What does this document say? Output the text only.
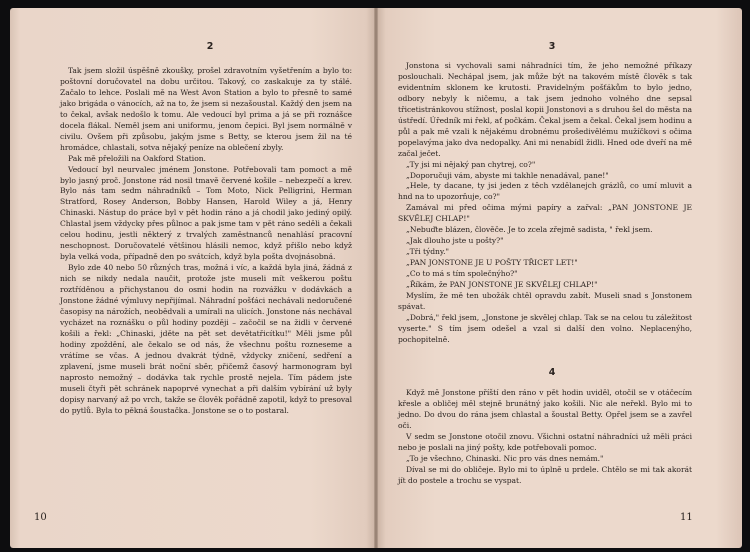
2

Tak jsem složil úspěšně zkoušky, prošel zdravotním vyšetřením a bylo to: poštovní doručovatel na dobu určitou. Takový, co zaskakuje za ty stálé. Začalo to lehce. Poslali mě na West Avon Station a bylo to přesně to samé jako brigáda o vánocích, až na to, že jsem si nezašoustal. Každý den jsem na to čekal, avšak nedošlo k tomu. Ale vedoucí byl prima a já se při roznášce docela flákal. Neměl jsem ani uniformu, jenom čepici. Byl jsem normálně v civilu. Ovšem při způsobu, jakým jsme s Betty, se kterou jsem žil na té hromádce, chlastali, sotva nějaký peníze na oblečení zbyly.

Pak mě přeložili na Oakford Station.

Vedoucí byl neurvalec jménem Jonstone. Potřebovali tam pomoct a mě bylo jasný proč. Jonstone rád nosil tmavě červené košile – nebezpečí a krev. Bylo nás tam sedm náhradníků – Tom Moto, Nick Pelligrini, Herman Stratford, Rosey Anderson, Bobby Hansen, Harold Wiley a já, Henry Chinaski. Nástup do práce byl v pět hodin ráno a já chodil jako jediný opilý. Chlastal jsem vždycky přes půlnoc a pak jsme tam v pět ráno seděli a čekali celou hodinu, jestli některý z trvalých zaměstnanců nenahlásí pracovní neschopnost. Doručovatelé většinou hlásili nemoc, když přišlo nebo když byla velká voda, případně den po svátcích, když byla pošta dvojnásobná.

Bylo zde 40 nebo 50 různých tras, možná i víc, a každá byla jiná, žádná z nich se nikdy nedala naučit, protože jste museli mít veškerou poštu roztříděnou a přichystanou do osmi hodin na rozvážku v dodávkách a Jonstone žádné výmluvy nepřijímal. Náhradní pošťáci nechávali nedoručené časopisy na nárožích, neobědvali a umírali na ulicích. Jonstone nás nechával vycházet na roznášku o půl hodiny později – začočil se na židli v červené košili a řekl: „Chinaski, jděte na pět set devětatřicítku!" Měli jsme půl hodiny zpoždění, ale čekalo se od nás, že všechnu poštu rozneseme a vrátíme se včas. A jednou dvakrát týdně, vždycky zničení, sedření a zplavení, jsme museli brát noční sběr, přičemž časový harmonogram byl naprosto nemožný – dodávka tak rychle prostě nejela. Tím pádem jste museli čtyři pět schránek napoprvé vynechat a při dalším vybírání už byly dopisy narvaný až po vrch, takže se člověk pořádně zapotil, když to presoval do pytlů. Byla to pěkná šoustačka. Jonstone se o to postaral.

10
3

Jonstona si vychovali sami náhradníci tím, že jeho nemožné příkazy poslouchali. Nechápal jsem, jak může být na takovém místě člověk s tak evidentním sklonem ke krutosti. Pravidelným pošťákům to bylo jedno, odbory nebyly k ničemu, a tak jsem jednoho volného dne sepsal třicetistránkovou stížnost, poslal kopii Jonstonovi a s druhou šel do města na ústředí. Úředník mi řekl, ať počkám. Čekal jsem a čekal. Čekal jsem hodinu a půl a pak mě vzali k nějakému drobnému prošedivělému mužíčkovi s očima popelavýma jako dva nedopalky. Ani mi nenabídl židli. Hned ode dveří na mě začal ječet.

„Ty jsi mi nějaký pan chytrej, co?"

„Doporučuji vám, abyste mi takhle nenadával, pane!"

„Hele, ty dacane, ty jsi jeden z těch vzdělanejch grázlů, co umí mluvit a hnd na to upozorňuje, co?"

Zamával mi před očima mými papíry a zařval: „PAN JONSTONE JE SKVĚLEJ CHLAP!"

„Nebuďte blázen, člověče. Je to zcela zřejmě sadista, " řekl jsem.

„Jak dlouho jste u pošty?"

„Tři týdny."

„PAN JONSTONE JE U POŠTY TŘICET LET!"

„Co to má s tím společnýho?"

„Říkám, že PAN JONSTONE JE SKVĚLEJ CHLAP!"

Myslím, že mě ten ubožák chtěl opravdu zabít. Museli snad s Jonstonem spávat.

„Dobrá," řekl jsem, „Jonstone je skvělej chlap. Tak se na celou tu záležitost vyserte." S tím jsem odešel a vzal si další den volno. Neplacenýho, pochopitelně.

4

Když mě Jonstone příští den ráno v pět hodin uviděl, otočil se v otáčecím křesle a obličej měl stejně brunátný jako košili. Nic ale neřekl. Bylo mi to jedno. Do dvou do rána jsem chlastal a šoustal Betty. Opřel jsem se a zavřel oči.

V sedm se Jonstone otočil znovu. Všichni ostatní náhradníci už měli práci nebo je poslali na jiný pošty, kde potřebovali pomoc.

„To je všechno, Chinaski. Nic pro vás dnes nemám."

Díval se mi do obličeje. Bylo mi to úplně u prdele. Chtělo se mi tak akorát jít do postele a trochu se vyspat.

11
